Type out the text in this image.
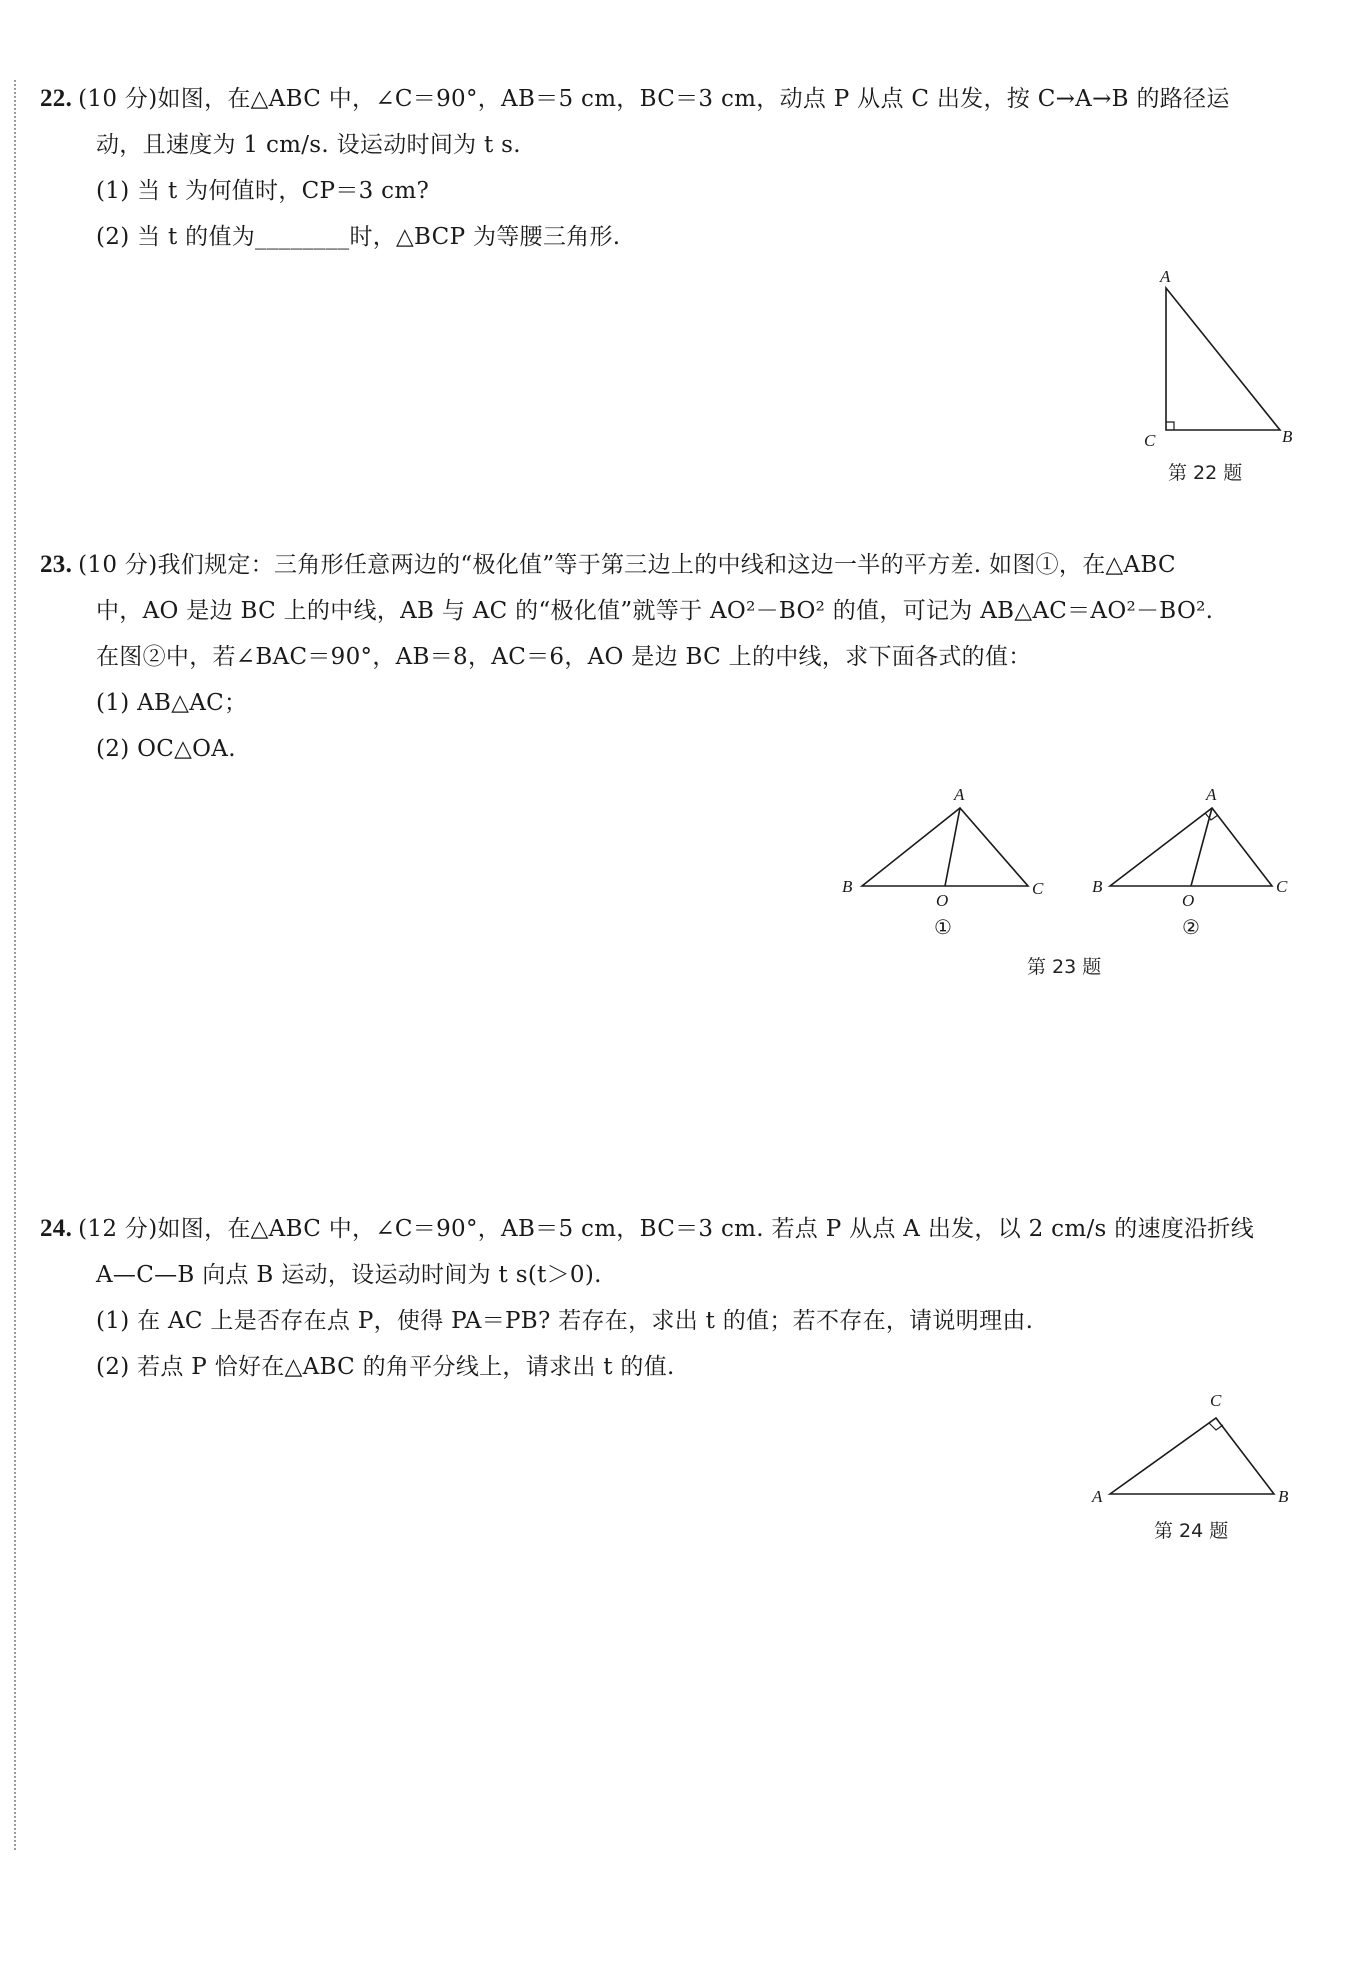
22. (10 分)如图，在△ABC 中，∠C＝90°，AB＝5 cm，BC＝3 cm，动点 P 从点 C 出发，按 C→A→B 的路径运
动，且速度为 1 cm/s. 设运动时间为 t s.
(1) 当 t 为何值时，CP＝3 cm?
(2) 当 t 的值为________时，△BCP 为等腰三角形.
A
C	B
第 22 题
23. (10 分)我们规定：三角形任意两边的“极化值”等于第三边上的中线和这边一半的平方差. 如图①，在△ABC
中，AO 是边 BC 上的中线，AB 与 AC 的“极化值”就等于 AO²－BO² 的值，可记为 AB△AC＝AO²－BO².
在图②中，若∠BAC＝90°，AB＝8，AC＝6，AO 是边 BC 上的中线，求下面各式的值：
(1) AB△AC；
(2) OC△OA.
A
B	C
O
①
A
B	C
O
②
第 23 题
24. (12 分)如图，在△ABC 中，∠C＝90°，AB＝5 cm，BC＝3 cm. 若点 P 从点 A 出发，以 2 cm/s 的速度沿折线
A—C—B 向点 B 运动，设运动时间为 t s(t＞0).
(1) 在 AC 上是否存在点 P，使得 PA＝PB? 若存在，求出 t 的值；若不存在，请说明理由.
(2) 若点 P 恰好在△ABC 的角平分线上，请求出 t 的值.
C
A	B
第 24 题
